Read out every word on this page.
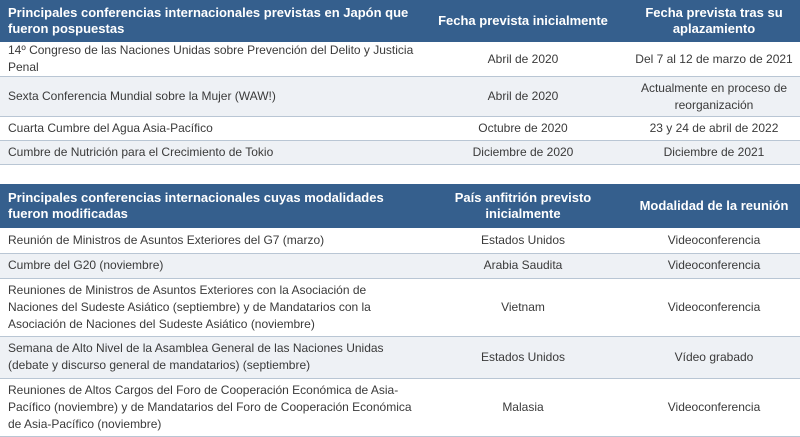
Principales conferencias internacionales previstas en Japón que fueron pospuestas	Fecha prevista inicialmente	Fecha prevista tras su aplazamiento
14º Congreso de las Naciones Unidas sobre Prevención del Delito y Justicia Penal	Abril de 2020	Del 7 al 12 de marzo de 2021
Sexta Conferencia Mundial sobre la Mujer (WAW!)	Abril de 2020	Actualmente en proceso de reorganización
Cuarta Cumbre del Agua Asia-Pacífico	Octubre de 2020	23 y 24 de abril de 2022
Cumbre de Nutrición para el Crecimiento de Tokio	Diciembre de 2020	Diciembre de 2021
Principales conferencias internacionales cuyas modalidades fueron modificadas	País anfitrión previsto inicialmente	Modalidad de la reunión
Reunión de Ministros de Asuntos Exteriores del G7 (marzo)	Estados Unidos	Videoconferencia
Cumbre del G20 (noviembre)	Arabia Saudita	Videoconferencia
Reuniones de Ministros de Asuntos Exteriores con la Asociación de Naciones del Sudeste Asiático (septiembre) y de Mandatarios con la Asociación de Naciones del Sudeste Asiático (noviembre)	Vietnam	Videoconferencia
Semana de Alto Nivel de la Asamblea General de las Naciones Unidas (debate y discurso general de mandatarios) (septiembre)	Estados Unidos	Vídeo grabado
Reuniones de Altos Cargos del Foro de Cooperación Económica de Asia-Pacífico (noviembre) y de Mandatarios del Foro de Cooperación Económica de Asia-Pacífico (noviembre)	Malasia	Videoconferencia
